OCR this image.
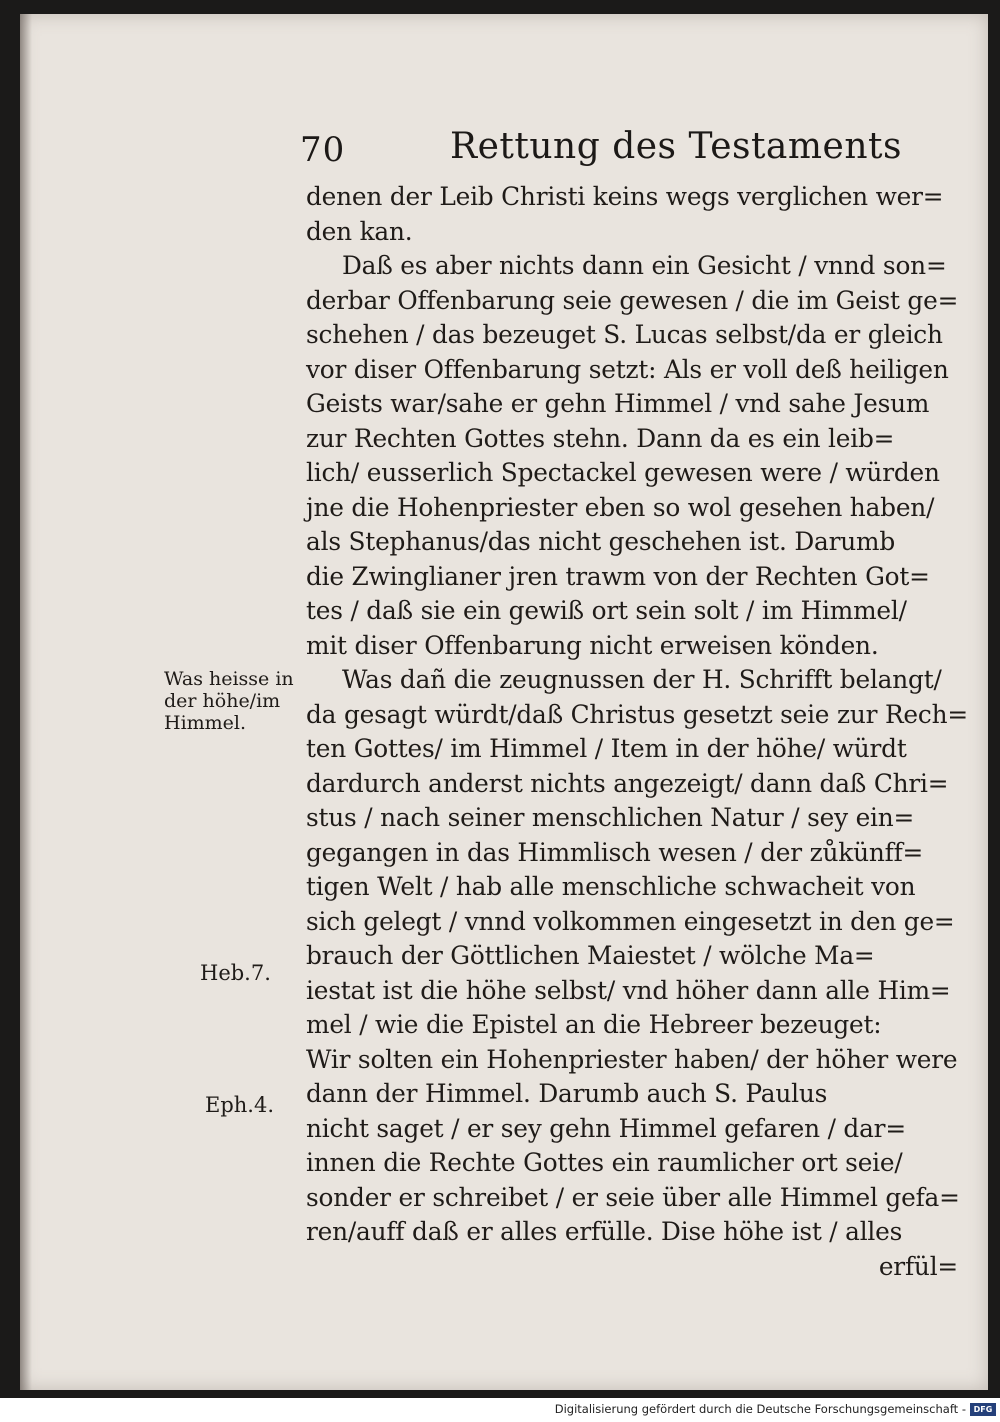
70	Rettung des Testaments
denen der Leib Christi keins wegs verglichen wer=
den kan.
Daß es aber nichts dann ein Gesicht / vnnd son=
derbar Offenbarung seie gewesen / die im Geist ge=
schehen / das bezeuget S. Lucas selbst/da er gleich
vor diser Offenbarung setzt: Als er voll deß heiligen
Geists war/sahe er gehn Himmel / vnd sahe Jesum
zur Rechten Gottes stehn. Dann da es ein leib=
lich/ eusserlich Spectackel gewesen were / würden
jne die Hohenpriester eben so wol gesehen haben/
als Stephanus/das nicht geschehen ist. Darumb
die Zwinglianer jren trawm von der Rechten Got=
tes / daß sie ein gewiß ort sein solt / im Himmel/
mit diser Offenbarung nicht erweisen könden.
Was dañ die zeugnussen der H. Schrifft belangt/
da gesagt würdt/daß Christus gesetzt seie zur Rech=
ten Gottes/ im Himmel / Item in der höhe/ würdt
dardurch anderst nichts angezeigt/ dann daß Chri=
stus / nach seiner menschlichen Natur / sey ein=
gegangen in das Himmlisch wesen / der zůkünff=
tigen Welt / hab alle menschliche schwacheit von
sich gelegt / vnnd volkommen eingesetzt in den ge=
brauch der Göttlichen Maiestet / wölche Ma=
iestat ist die höhe selbst/ vnd höher dann alle Him=
mel / wie die Epistel an die Hebreer bezeuget:
Wir solten ein Hohenpriester haben/ der höher were
dann der Himmel. Darumb auch S. Paulus
nicht saget / er sey gehn Himmel gefaren / dar=
innen die Rechte Gottes ein raumlicher ort seie/
sonder er schreibet / er seie über alle Himmel gefa=
ren/auff daß er alles erfülle. Dise höhe ist / alles
erfül=
Was heisse in
der höhe/im
Himmel.
Heb.7.
Eph.4.
Digitalisierung gefördert durch die Deutsche Forschungsgemeinschaft - DFG
